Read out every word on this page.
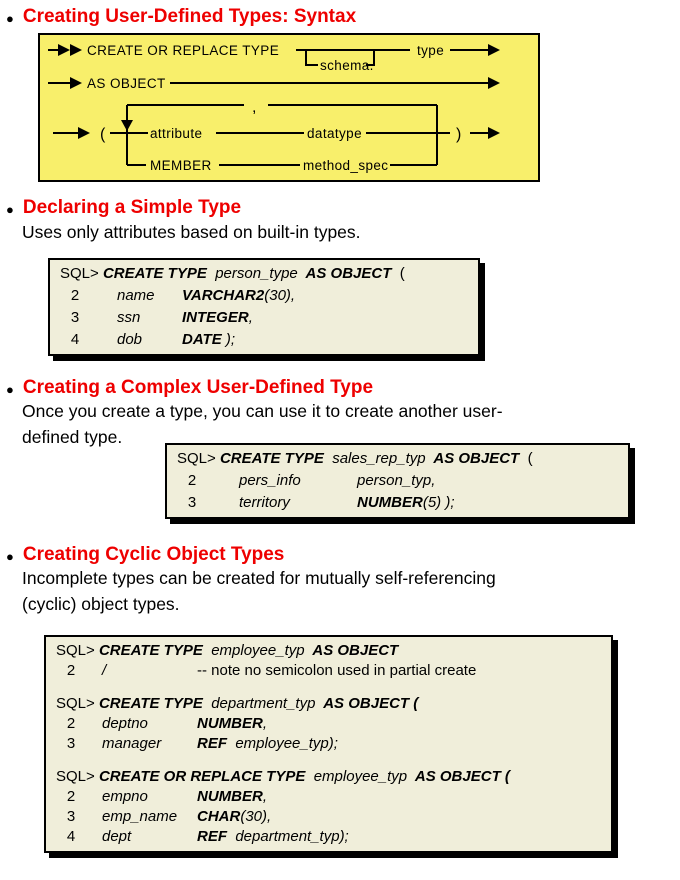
● Creating User-Defined Types: Syntax
CREATE OR REPLACE TYPE
schema.
type
AS OBJECT
(	attribute	datatype
,
MEMBER	method_spec
)
● Declaring a Simple Type
Uses only attributes based on built-in types.
SQL> CREATE TYPE  person_type  AS OBJECT  (
2	name VARCHAR2(30),
3	ssn	INTEGER,
4	dob	DATE );
● Creating a Complex User-Defined Type
Once you create a type, you can use it to create another user-
defined type.
SQL> CREATE TYPE  sales_rep_typ  AS OBJECT  (
2	pers_info	person_typ,
3	territory	NUMBER(5) );
● Creating Cyclic Object Types
Incomplete types can be created for mutually self-referencing
(cyclic) object types.
SQL> CREATE TYPE  employee_typ  AS OBJECT
2 /	-- note no semicolon used in partial create
SQL> CREATE TYPE  department_typ  AS OBJECT (
2 deptno	NUMBER,
3 manager REF  employee_typ);
SQL> CREATE OR REPLACE TYPE  employee_typ  AS OBJECT (
2 empno	NUMBER,
3 emp_name CHAR(30),
4 dept	REF  department_typ);
